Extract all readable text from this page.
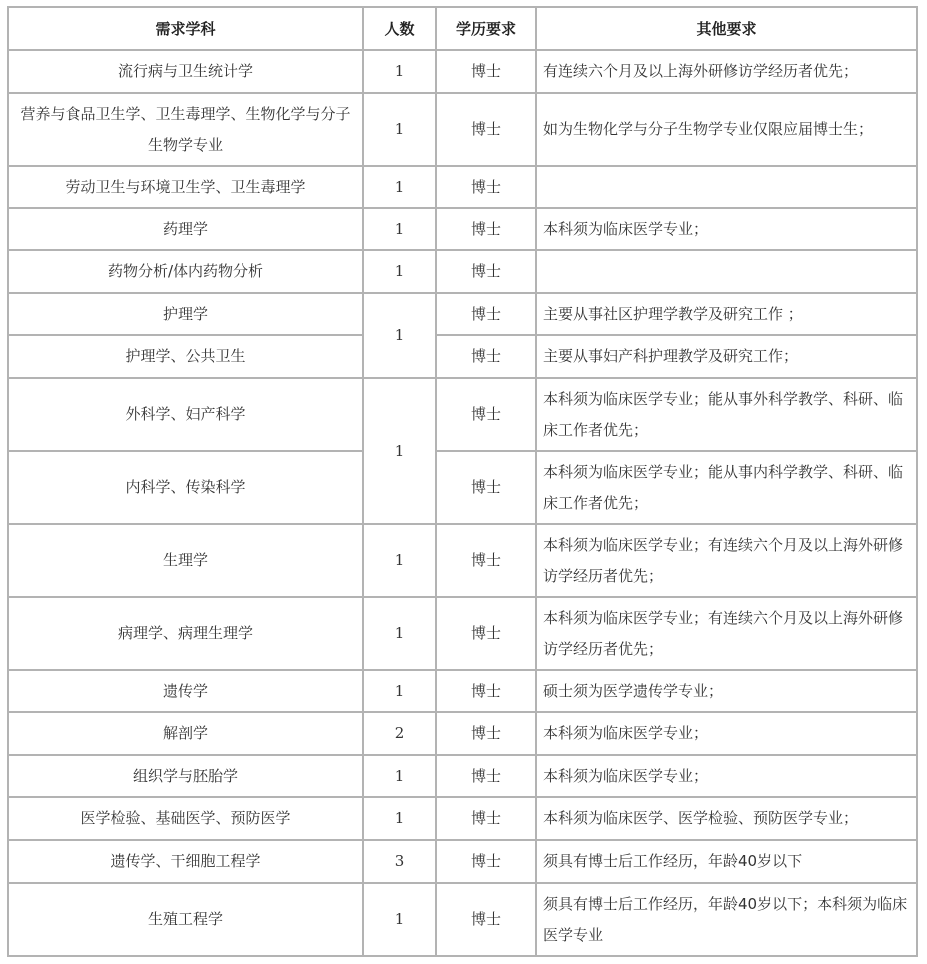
需求学科	人数	学历要求	其他要求
流行病与卫生统计学	1	博士	有连续六个月及以上海外研修访学经历者优先；
营养与食品卫生学、卫生毒理学、生物化学与分子生物学专业	1	博士	如为生物化学与分子生物学专业仅限应届博士生；
劳动卫生与环境卫生学、卫生毒理学	1	博士	
药理学	1	博士	本科须为临床医学专业；
药物分析/体内药物分析	1	博士	
护理学	1	博士	主要从事社区护理学教学及研究工作 ；
护理学、公共卫生		博士	主要从事妇产科护理教学及研究工作；
外科学、妇产科学	1	博士	本科须为临床医学专业；能从事外科学教学、科研、临床工作者优先；
内科学、传染科学		博士	本科须为临床医学专业；能从事内科学教学、科研、临床工作者优先；
生理学	1	博士	本科须为临床医学专业；有连续六个月及以上海外研修访学经历者优先；
病理学、病理生理学	1	博士	本科须为临床医学专业；有连续六个月及以上海外研修访学经历者优先；
遗传学	1	博士	硕士须为医学遗传学专业；
解剖学	2	博士	本科须为临床医学专业；
组织学与胚胎学	1	博士	本科须为临床医学专业；
医学检验、基础医学、预防医学	1	博士	本科须为临床医学、医学检验、预防医学专业；
遗传学、干细胞工程学	3	博士	须具有博士后工作经历，年龄40岁以下
生殖工程学	1	博士	须具有博士后工作经历，年龄40岁以下；本科须为临床医学专业
